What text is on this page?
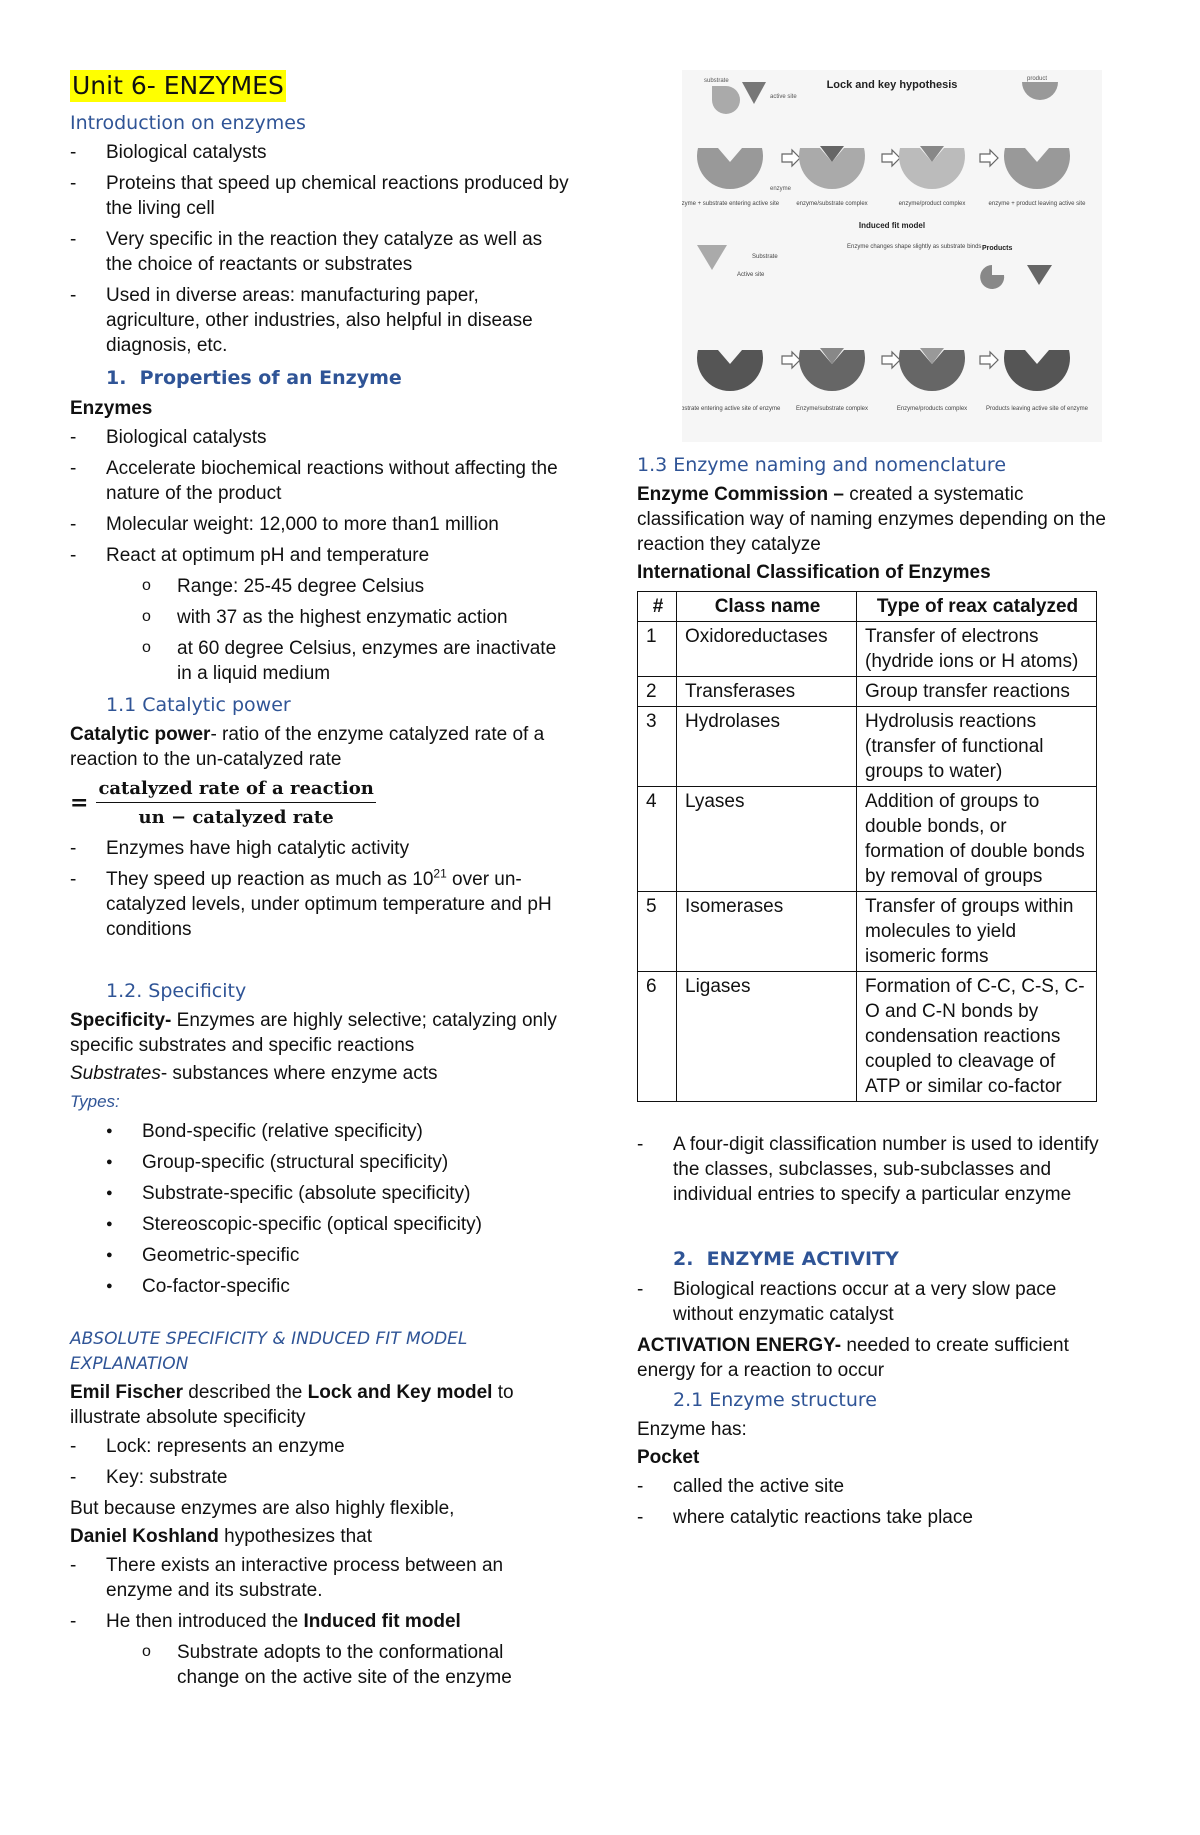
Unit 6- ENZYMES
Introduction on enzymes
- Biological catalysts
- Proteins that speed up chemical reactions produced by the living cell
- Very specific in the reaction they catalyze as well as the choice of reactants or substrates
- Used in diverse areas: manufacturing paper, agriculture, other industries, also helpful in disease diagnosis, etc.
1.  Properties of an Enzyme
Enzymes
- Biological catalysts
- Accelerate biochemical reactions without affecting the nature of the product
- Molecular weight: 12,000 to more than1 million
- React at optimum pH and temperature
o Range: 25-45 degree Celsius
o with 37 as the highest enzymatic action
o at 60 degree Celsius, enzymes are inactivate in a liquid medium
1.1 Catalytic power
Catalytic power- ratio of the enzyme catalyzed rate of a reaction to the un-catalyzed rate
= $\frac{\text{catalyzed rate of a reaction}}{\text{un − catalyzed rate}}$
- Enzymes have high catalytic activity
- They speed up reaction as much as $10^{21}$ over un-catalyzed levels, under optimum temperature and pH conditions
1.2. Specificity
Specificity- Enzymes are highly selective; catalyzing only specific substrates and specific reactions
Substrates- substances where enzyme acts
Types:
● Bond-specific (relative specificity)
● Group-specific (structural specificity)
● Substrate-specific (absolute specificity)
● Stereoscopic-specific (optical specificity)
● Geometric-specific
● Co-factor-specific
ABSOLUTE SPECIFICITY & INDUCED FIT MODEL EXPLANATION
Emil Fischer described the Lock and Key model to illustrate absolute specificity
- Lock: represents an enzyme
- Key: substrate
But because enzymes are also highly flexible,
Daniel Koshland hypothesizes that
- There exists an interactive process between an enzyme and its substrate.
- He then introduced the Induced fit model
o Substrate adopts to the conformational change on the active site of the enzyme
Lock and key hypothesis
substrate
active site
product
enzyme
enzyme + substrate entering active site	enzyme/substrate complex	enzyme/product complex	enzyme + product leaving active site
Induced fit model
Substrate
Active site
Enzyme changes shape slightly as substrate binds Products
Substrate entering active site of enzyme	Enzyme/substrate complex	Enzyme/products complex	Products leaving active site of enzyme
1.3 Enzyme naming and nomenclature
Enzyme Commission – created a systematic classification way of naming enzymes depending on the reaction they catalyze
International Classification of Enzymes
#	Class name	Type of reax catalyzed
1	Oxidoreductases	Transfer of electrons (hydride ions or H atoms)
2	Transferases	Group transfer reactions
3	Hydrolases	Hydrolusis reactions (transfer of functional groups to water)
4	Lyases	Addition of groups to double bonds, or formation of double bonds by removal of groups
5	Isomerases	Transfer of groups within molecules to yield isomeric forms
6	Ligases	Formation of C-C, C-S, C-O and C-N bonds by condensation reactions coupled to cleavage of ATP or similar co-factor
- A four-digit classification number is used to identify the classes, subclasses, sub-subclasses and individual entries to specify a particular enzyme
2.  ENZYME ACTIVITY
- Biological reactions occur at a very slow pace without enzymatic catalyst
ACTIVATION ENERGY- needed to create sufficient energy for a reaction to occur
2.1 Enzyme structure
Enzyme has:
Pocket
- called the active site
- where catalytic reactions take place
